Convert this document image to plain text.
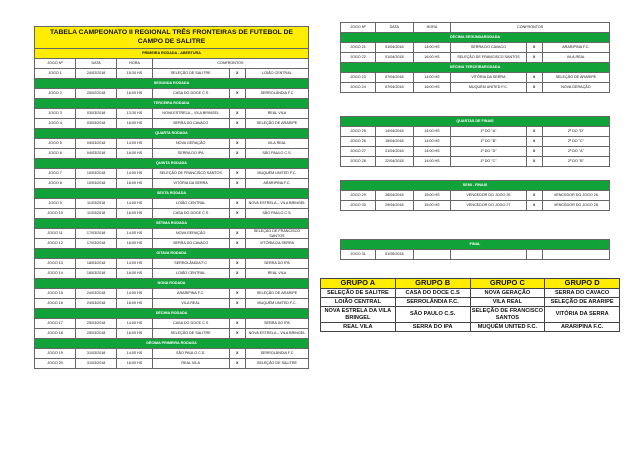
TABELA CAMPEONATO II REGIONAL TRÊS FRONTEIRAS DE FUTEBOL DE CAMPO DE SALITRE					
PRIMEIRA RODADA - ABERTURA					
JOGO Nº	DATA	HORA	CONFRONTOS		
JOGO 1	24/02/2018	15:30 HS	SELEÇÃO DE SALITRE	X	LOIÃO CENTRAL
SEGUNDA RODADA					
JOGO 2	25/02/2018	16:00 HS	CASA DO DOCE C.S	X	SERROLÂNDIA F.C
TERCEIRA RODADA					
JOGO 3	03/03/2018	13:30 HS	NOVA ESTRELA – VILA BRINGEL	X	REAL VILA
JOGO 4	03/03/2018	16:00 HS	SERRA DO CAVACO	X	SELEÇÃO DE ARARIPE
QUARTA RODADA					
JOGO 5	04/03/2018	14:00 HS	NOVA GERAÇÃO	X	VILA REAL
JOGO 6	04/03/2018	16:00 HS	SERRA DO IPA	X	SÃO PAULO C.S.
QUINTA RODADA					
JOGO 7	10/03/2018	14:00 HS	SELEÇÃO DE FRANCISCO SANTOS	X	MUQUÉM UNITED F.C.
JOGO 8	10/03/2018	16:00 HS	VITÓRIA DA SERRA	X	ARARIPINA F.C.
SEXTA RODADA					
JOGO 9	11/03/2018	14:00 HS	LOIÃO CENTRAL	X	NOVA ESTRELA – VILA BRINGEL
JOGO 10	11/03/2018	16:00 HS	CASA DO DOCE C.S	X	SÃO PAULO C.S.
SÉTIMA RODADA					
JOGO 11	17/03/2018	14:00 HS	NOVA GERAÇÃO	X	SELEÇÃO DE FRANCISCO SANTOS
JOGO 12	17/03/2018	16:00 HS	SERRA DO CAVACO	X	VITÓRIA DA SERRA
OITAVA RODADA					
JOGO 13	18/03/2018	14:00 HS	SERROLÂNDIA F.C	X	SERRA DO IPA
JOGO 14	18/03/2018	16:00 HS	LOIÃO CENTRAL	X	REAL VILA
NONA RODADA					
JOGO 15	24/03/2018	14:00 HS	ARARIPINA F.C.	X	SELEÇÃO DE ARARIPE
JOGO 16	24/03/2018	16:00 HS	VILA REAL	X	MUQUÉM UNITED F.C.
DÉCIMA RODADA					
JOGO 17	25/03/2018	14:00 HS	CASA DO DOCE C.S	X	SERRA DO IPA
JOGO 18	25/03/2018	16:00 HS	SELEÇÃO DE SALITRE	X	NOVA ESTRELA – VILA BRINGEL
DÉCIMA PRIMEIRA RODADA					
JOGO 19	31/03/2018	14:00 HS	SÃO PAULO C.S.	X	SERROLÂNDIA F.C
JOGO 20	31/03/2018	16:00 HS	REAL VILA	X	SELEÇÃO DE SALITRE
JOGO Nº	DATA	HORA	CONFRONTOS		
DÉCIMA SEGUNDARODADA					
JOGO 21	01/04/2018	14:00 HS	SERRA DO CAVACO	X	ARARIPINA F.C.
JOGO 22	01/04/2018	16:00 HS	SELEÇÃO DE FRANCISCO SANTOS	X	VILA REAL
DÉCIMA TERCEIRARODADA					
JOGO 23	07/04/2018	14:00 HS	VITÓRIA DA SERRA	X	SELEÇÃO DE ARARIPE
JOGO 24	07/04/2018	16:00 HS	MUQUÉM UNITED F.C.	X	NOVA GERAÇÃO
QUARTAS DE FINAIS					
JOGO 25	14/04/2018	14:00 HS	1º DO "A"	X	2º DO "D"
JOGO 26	15/04/2018	14:00 HS	1º DO "B"	X	2º DO "C"
JOGO 27	21/04/2018	14:00 HS	1º DO "D"	X	2º DO "A"
JOGO 28	22/04/2018	14:00 HS	1º DO "C"	X	2º DO "B"
SEMI - FINAIS					
JOGO 29	28/04/2018	15:00 HS	VENCEDOR DO JOGO 25	X	VENCEDOR DO JOGO 26
JOGO 30	29/04/2018	15:00 HS	VENCEDOR DO JOGO 27	X	VENCEDOR DO JOGO 28
FINAL
JOGO 31	01/05/2018				
GRUPO A	GRUPO B	GRUPO C	GRUPO D
SELEÇÃO DE SALITRE	CASA DO DOCE C.S	NOVA GERAÇÃO	SERRA DO CAVACO
LOIÃO CENTRAL	SERROLÂNDIA F.C.	VILA REAL	SELEÇÃO DE ARARIPE
NOVA ESTRELA DA VILA BRINGEL	SÃO PAULO C.S.	SELEÇÃO DE FRANCISCO SANTOS	VITÓRIA DA SERRA
REAL VILA	SERRA DO IPA	MUQUÉM UNITED F.C.	ARARIPINA F.C.
